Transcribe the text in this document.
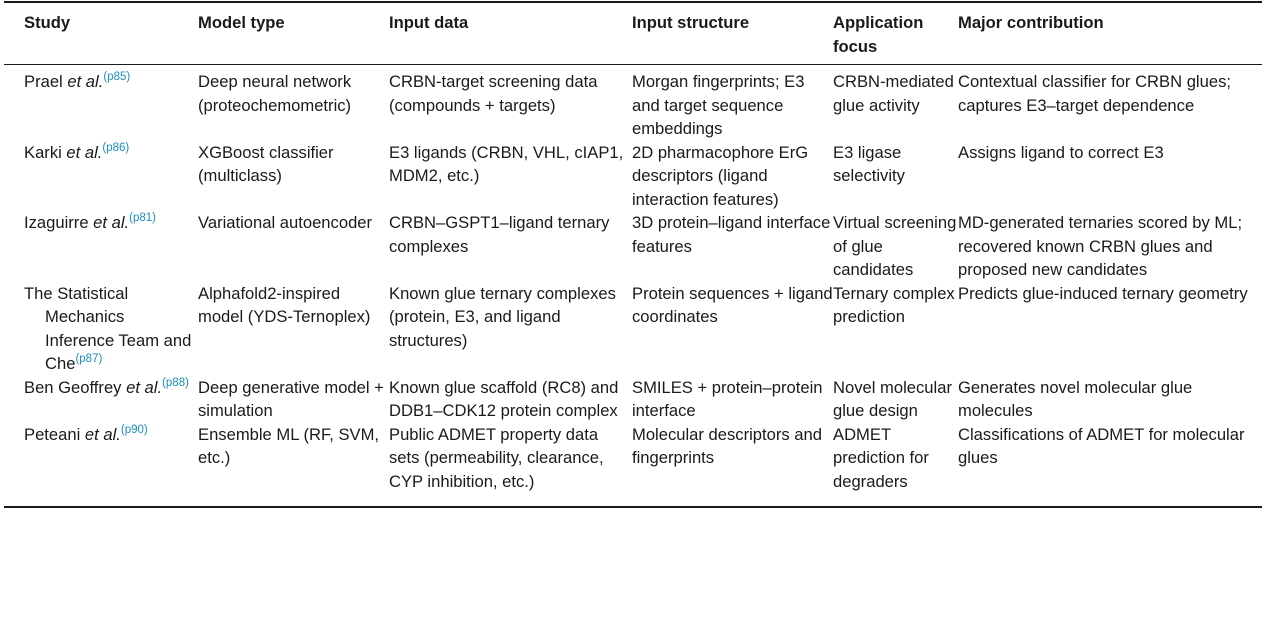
Study	Model type	Input data	Input structure	Application focus	Major contribution

Prael et al.$^{(p85)}$	Deep neural network (proteochemometric)	CRBN-target screening data (compounds + targets)	Morgan fingerprints; E3 and target sequence embeddings	CRBN-mediated glue activity	Contextual classifier for CRBN glues; captures E3–target dependence

Karki et al.$^{(p86)}$	XGBoost classifier (multiclass)	E3 ligands (CRBN, VHL, cIAP1, MDM2, etc.)	2D pharmacophore ErG descriptors (ligand interaction features)	E3 ligase selectivity	Assigns ligand to correct E3

Izaguirre et al.$^{(p81)}$	Variational autoencoder	CRBN–GSPT1–ligand ternary complexes	3D protein–ligand interface features	Virtual screening of glue candidates	MD-generated ternaries scored by ML; recovered known CRBN glues and proposed new candidates

The Statistical Mechanics Inference Team and Che$^{(p87)}$	Alphafold2-inspired model (YDS-Ternoplex)	Known glue ternary complexes (protein, E3, and ligand structures)	Protein sequences + ligand coordinates	Ternary complex prediction	Predicts glue-induced ternary geometry

Ben Geoffrey et al.$^{(p88)}$	Deep generative model + simulation	Known glue scaffold (RC8) and DDB1–CDK12 protein complex	SMILES + protein–protein interface	Novel molecular glue design	Generates novel molecular glue molecules

Peteani et al.$^{(p90)}$	Ensemble ML (RF, SVM, etc.)	Public ADMET property data sets (permeability, clearance, CYP inhibition, etc.)	Molecular descriptors and fingerprints	ADMET prediction for degraders	Classifications of ADMET for molecular glues
